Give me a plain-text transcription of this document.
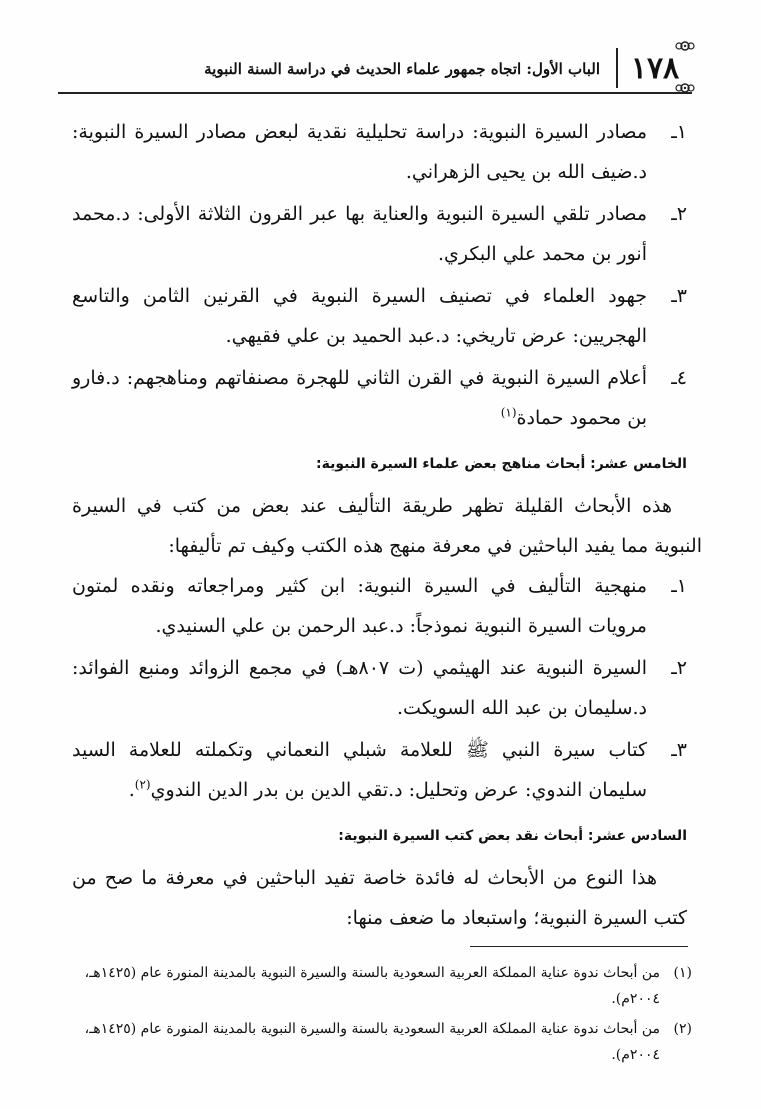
١٧٨
الباب الأول: اتجاه جمهور علماء الحديث في دراسة السنة النبوية
١ـ
مصادر السيرة النبوية: دراسة تحليلية نقدية لبعض مصادر السيرة النبوية: د.ضيف الله بن يحيى الزهراني.
٢ـ
مصادر تلقي السيرة النبوية والعناية بها عبر القرون الثلاثة الأولى: د.محمد أنور بن محمد علي البكري.
٣ـ
جهود العلماء في تصنيف السيرة النبوية في القرنين الثامن والتاسع الهجريين: عرض تاريخي: د.عبد الحميد بن علي فقيهي.
٤ـ
أعلام السيرة النبوية في القرن الثاني للهجرة مصنفاتهم ومناهجهم: د.فارو بن محمود حمادة$^{(١)}$
الخامس عشر: أبحاث مناهج بعض علماء السيرة النبوية:

هذه الأبحاث القليلة تظهر طريقة التأليف عند بعض من كتب في السيرة النبوية مما يفيد الباحثين في معرفة منهج هذه الكتب وكيف تم تأليفها:

١ـ
منهجية التأليف في السيرة النبوية: ابن كثير ومراجعاته ونقده لمتون مرويات السيرة النبوية نموذجاً: د.عبد الرحمن بن علي السنيدي.
٢ـ
السيرة النبوية عند الهيثمي (ت ٨٠٧هـ) في مجمع الزوائد ومنبع الفوائد: د.سليمان بن عبد الله السويكت.
٣ـ
كتاب سيرة النبي ﷺ للعلامة شبلي النعماني وتكملته للعلامة السيد سليمان الندوي: عرض وتحليل: د.تقي الدين بن بدر الدين الندوي$^{(٢)}$.
السادس عشر: أبحاث نقد بعض كتب السيرة النبوية:

هذا النوع من الأبحاث له فائدة خاصة تفيد الباحثين في معرفة ما صح من كتب السيرة النبوية؛ واستبعاد ما ضعف منها:

(١)
من أبحاث ندوة عناية المملكة العربية السعودية بالسنة والسيرة النبوية بالمدينة المنورة عام (١٤٢٥هـ، ٢٠٠٤م).
(٢)
من أبحاث ندوة عناية المملكة العربية السعودية بالسنة والسيرة النبوية بالمدينة المنورة عام (١٤٢٥هـ، ٢٠٠٤م).
